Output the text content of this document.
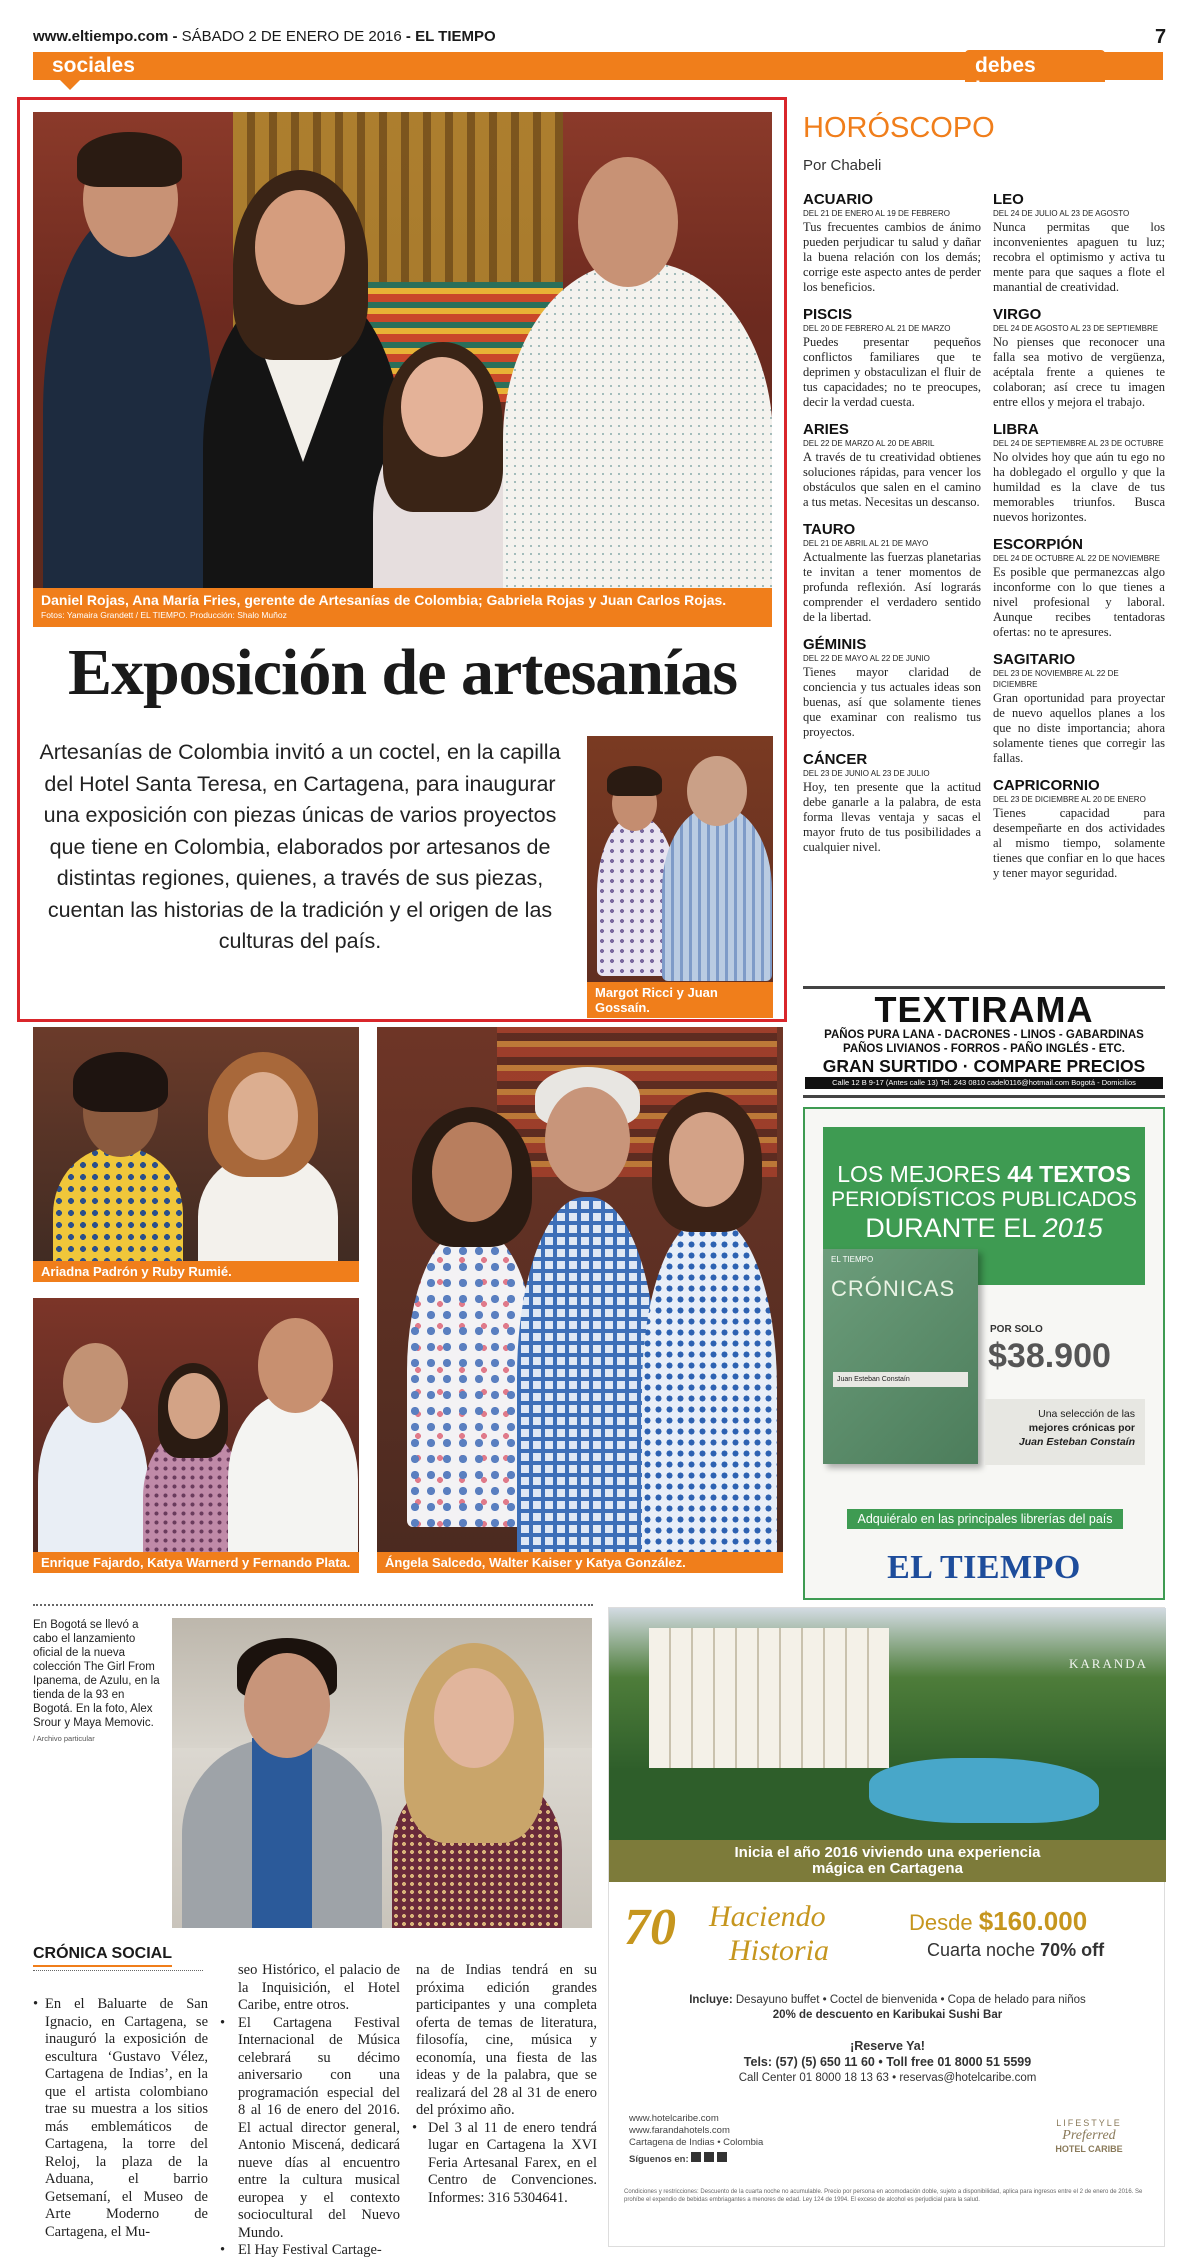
www.eltiempo.com - SÁBADO 2 DE ENERO DE 2016 - EL TIEMPO	7
sociales	debes hacer
Daniel Rojas, Ana María Fries, gerente de Artesanías de Colombia; Gabriela Rojas y Juan Carlos Rojas.
Fotos: Yamaira Grandett / EL TIEMPO. Producción: Shalo Muñoz
Exposición de artesanías
Artesanías de Colombia invitó a un coctel, en la capilla del Hotel Santa Teresa, en Cartagena, para inaugurar una exposición con piezas únicas de varios proyectos que tiene en Colombia, elaborados por artesanos de distintas regiones, quienes, a través de sus piezas, cuentan las historias de la tradición y el origen de las culturas del país.
Margot Ricci y Juan Gossaín.
HORÓSCOPO
Por Chabeli
ACUARIO
DEL 21 DE ENERO AL 19 DE FEBRERO
Tus frecuentes cambios de ánimo pueden perjudicar tu salud y dañar la buena relación con los demás; corrige este aspecto antes de perder los beneficios.
PISCIS
DEL 20 DE FEBRERO AL 21 DE MARZO
Puedes presentar pequeños conflictos familiares que te deprimen y obstaculizan el fluir de tus capacidades; no te preocupes, decir la verdad cuesta.
ARIES
DEL 22 DE MARZO AL 20 DE ABRIL
A través de tu creatividad obtienes soluciones rápidas, para vencer los obstáculos que salen en el camino a tus metas. Necesitas un descanso.
TAURO
DEL 21 DE ABRIL AL 21 DE MAYO
Actualmente las fuerzas planetarias te invitan a tener momentos de profunda reflexión. Así lograrás comprender el verdadero sentido de la libertad.
GÉMINIS
DEL 22 DE MAYO AL 22 DE JUNIO
Tienes mayor claridad de conciencia y tus actuales ideas son buenas, así que solamente tienes que examinar con realismo tus proyectos.
CÁNCER
DEL 23 DE JUNIO AL 23 DE JULIO
Hoy, ten presente que la actitud debe ganarle a la palabra, de esta forma llevas ventaja y sacas el mayor fruto de tus posibilidades a cualquier nivel.
LEO
DEL 24 DE JULIO AL 23 DE AGOSTO
Nunca permitas que los inconvenientes apaguen tu luz; recobra el optimismo y activa tu mente para que saques a flote el manantial de creatividad.
VIRGO
DEL 24 DE AGOSTO AL 23 DE SEPTIEMBRE
No pienses que reconocer una falla sea motivo de vergüenza, acéptala frente a quienes te colaboran; así crece tu imagen entre ellos y mejora el trabajo.
LIBRA
DEL 24 DE SEPTIEMBRE AL 23 DE OCTUBRE
No olvides hoy que aún tu ego no ha doblegado el orgullo y que la humildad es la clave de tus memorables triunfos. Busca nuevos horizontes.
ESCORPIÓN
DEL 24 DE OCTUBRE AL 22 DE NOVIEMBRE
Es posible que permanezcas algo inconforme con lo que tienes a nivel profesional y laboral. Aunque recibes tentadoras ofertas: no te apresures.
SAGITARIO
DEL 23 DE NOVIEMBRE AL 22 DE DICIEMBRE
Gran oportunidad para proyectar de nuevo aquellos planes a los que no diste importancia; ahora solamente tienes que corregir las fallas.
CAPRICORNIO
DEL 23 DE DICIEMBRE AL 20 DE ENERO
Tienes capacidad para desempeñarte en dos actividades al mismo tiempo, solamente tienes que confiar en lo que haces y tener mayor seguridad.
TEXTIRAMA
PAÑOS PURA LANA - DACRONES - LINOS - GABARDINAS
PAÑOS LIVIANOS - FORROS - PAÑO INGLÉS - ETC.
GRAN SURTIDO · COMPARE PRECIOS
Calle 12 B 9-17 (Antes calle 13) Tel. 243 0810 cadel0116@hotmail.com Bogotá - Domicilios
LOS MEJORES 44 TEXTOS
PERIODÍSTICOS PUBLICADOS
DURANTE EL 2015
EL TIEMPO
CRÓNICAS
Juan Esteban Constaín
POR SOLO
$38.900
Una selección de las
mejores crónicas por
Juan Esteban Constaín
Adquiéralo en las principales librerías del país
EL TIEMPO
Ariadna Padrón y Ruby Rumié.
Enrique Fajardo, Katya Warnerd y Fernando Plata.	Ángela Salcedo, Walter Kaiser y Katya González.
En Bogotá se llevó a cabo el lanzamiento oficial de la nueva colección The Girl From Ipanema, de Azulu, en la tienda de la 93 en Bogotá. En la foto, Alex Srour y Maya Memovic.
/ Archivo particular
KARANDA
Inicia el año 2016 viviendo una experiencia mágica en Cartagena
70 Haciendo
Historia
Desde $160.000
Cuarta noche 70% off
Incluye: Desayuno buffet • Coctel de bienvenida • Copa de helado para niños
20% de descuento en Karibukai Sushi Bar
¡Reserve Ya!
Tels: (57) (5) 650 11 60 • Toll free 01 8000 51 5599
Call Center 01 8000 18 13 63 • reservas@hotelcaribe.com
www.hotelcaribe.com
www.farandahotels.com
Cartagena de Indias • Colombia
Síguenos en:
LIFESTYLE
Preferred
HOTEL CARIBE
Condiciones y restricciones: Descuento de la cuarta noche no acumulable. Precio por persona en acomodación doble, sujeto a disponibilidad, aplica para ingresos entre el 2 de enero de 2016. Se prohíbe el expendio de bebidas embriagantes a menores de edad. Ley 124 de 1994. El exceso de alcohol es perjudicial para la salud.
CRÓNICA SOCIAL
• En el Baluarte de San Ignacio, en Cartagena, se inauguró la exposición de escultura ‘Gustavo Vélez, Cartagena de Indias’, en la que el artista colombiano trae su muestra a los sitios más emblemáticos de Cartagena, la torre del Reloj, la plaza de la Aduana, el barrio Getsemaní, el Museo de Arte Moderno de Cartagena, el Mu-
seo Histórico, el palacio de la Inquisición, el Hotel Caribe, entre otros.
• El Cartagena Festival Internacional de Música celebrará su décimo aniversario con una programación especial del 8 al 16 de enero del 2016. El actual director general, Antonio Miscená, dedicará nueve días al encuentro entre la cultura musical europea y el contexto sociocultural del Nuevo Mundo.
• El Hay Festival Cartage-
na de Indias tendrá en su próxima edición grandes participantes y una completa oferta de temas de literatura, filosofía, cine, música y economía, una fiesta de las ideas y de la palabra, que se realizará del 28 al 31 de enero del próximo año.
• Del 3 al 11 de enero tendrá lugar en Cartagena la XVI Feria Artesanal Farex, en el Centro de Convenciones. Informes: 316 5304641.
